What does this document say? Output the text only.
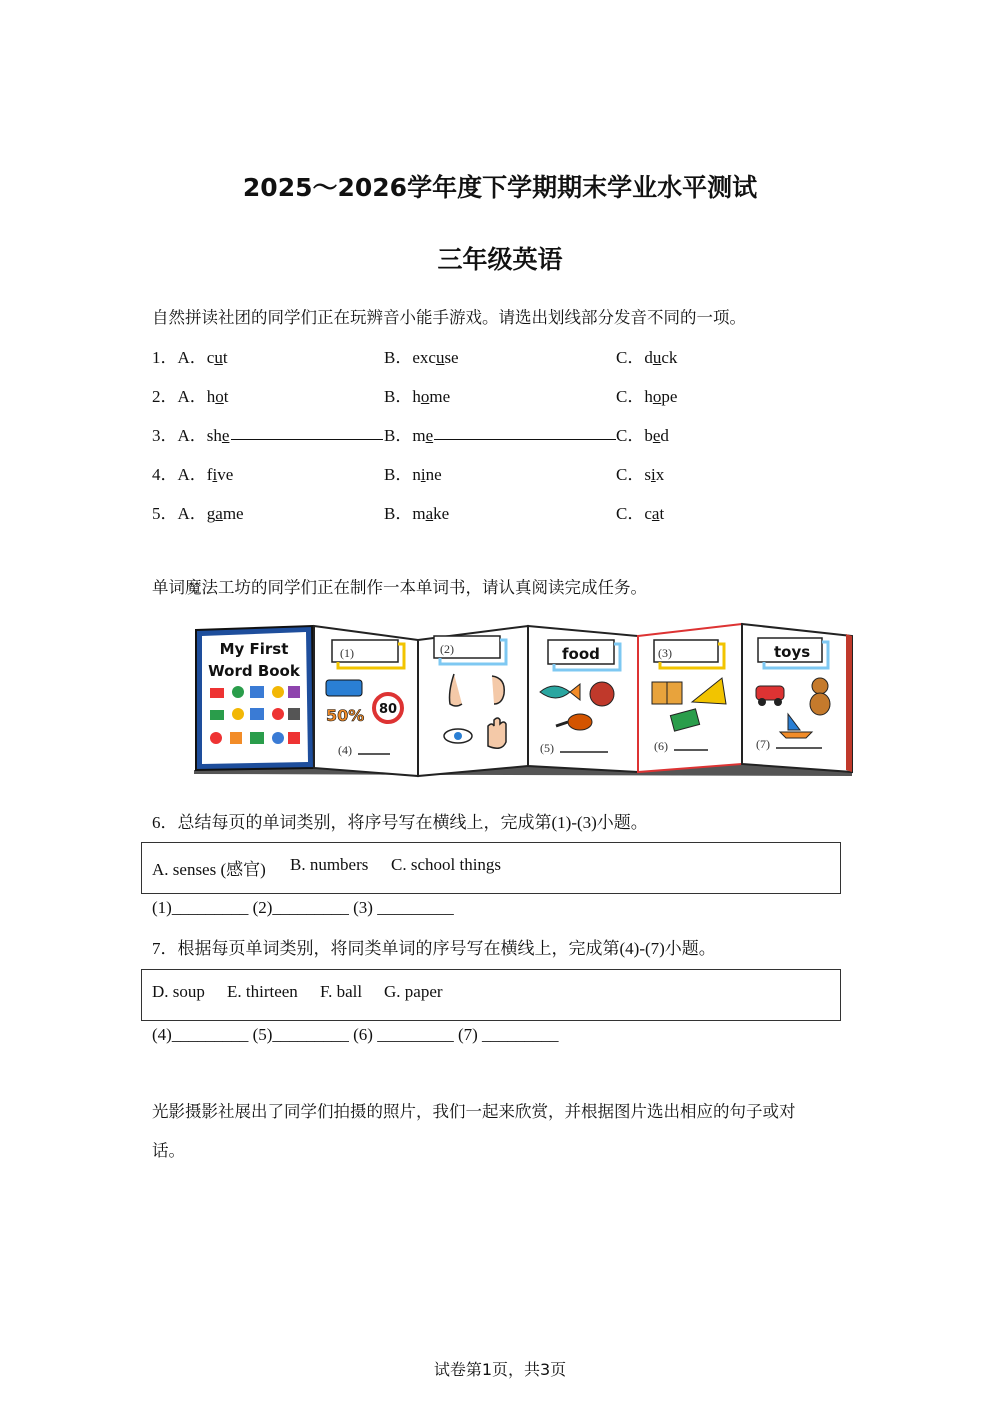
2025～2026学年度下学期期末学业水平测试
三年级英语
自然拼读社团的同学们正在玩辨音小能手游戏。请选出划线部分发音不同的一项。
1．A．cut	B．excuse	C．duck
2．A．hot	B．home	C．hope
3．A．she	B．me	C．bed
4．A．five	B．nine	C．six
5．A．game	B．make	C．cat
单词魔法工坊的同学们正在制作一本单词书，请认真阅读完成任务。
My First
Word Book
(1)
50% 80
(4)
(2)	food
(5)
(3)
(6)
toys
(7)
6．总结每页的单词类别，将序号写在横线上，完成第(1)-(3)小题。
A. senses (感官) B. numbers C. school things
(1)_________ (2)_________ (3) _________
7．根据每页单词类别，将同类单词的序号写在横线上，完成第(4)-(7)小题。
D. soup E. thirteen F. ball G. paper
(4)_________ (5)_________ (6) _________ (7) _________
光影摄影社展出了同学们拍摄的照片，我们一起来欣赏，并根据图片选出相应的句子或对
话。
试卷第1页，共3页
